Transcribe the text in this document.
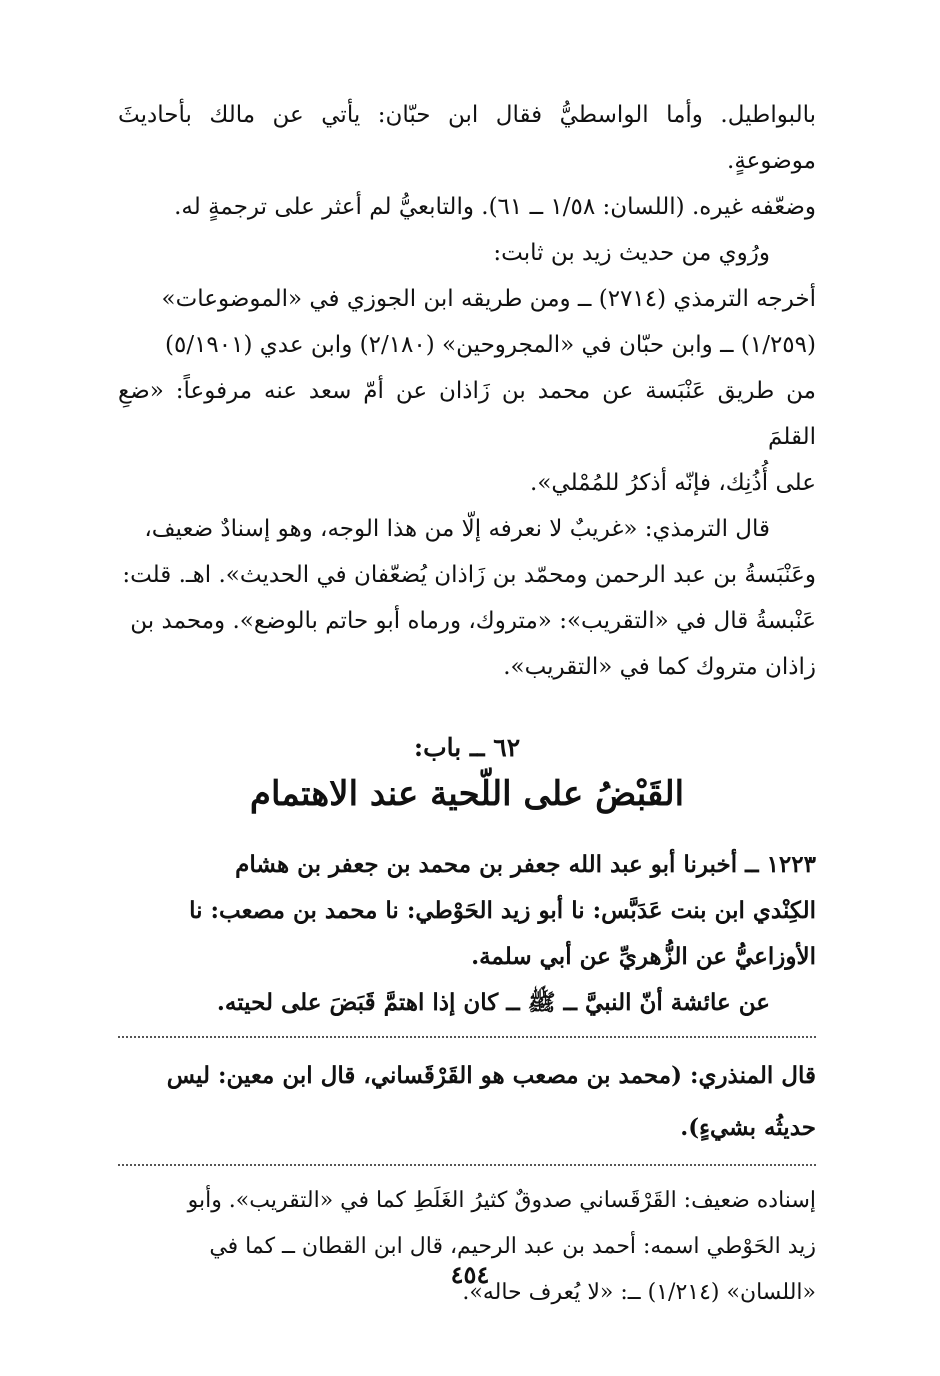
بالبواطيل. وأما الواسطيُّ فقال ابن حبّان: يأتي عن مالك بأحاديثَ موضوعةٍ.

وضعّفه غيره. (اللسان: ١/٥٨ ــ ٦١). والتابعيُّ لم أعثر على ترجمةٍ له.

ورُوي من حديث زيد بن ثابت:

أخرجه الترمذي (٢٧١٤) ــ ومن طريقه ابن الجوزي في «الموضوعات»

(١/٢٥٩) ــ وابن حبّان في «المجروحين» (٢/١٨٠) وابن عدي (٥/١٩٠١)

من طريق عَنْبَسة عن محمد بن زَاذان عن أمّ سعد عنه مرفوعاً: «ضعِ القلمَ

على أُذُنِك، فإنّه أذكرُ للمُمْلي».

قال الترمذي: «غريبٌ لا نعرفه إلّا من هذا الوجه، وهو إسنادٌ ضعيف،

وعَنْبَسةُ بن عبد الرحمن ومحمّد بن زَاذان يُضعّفان في الحديث». اهـ. قلت:

عَنْبسةُ قال في «التقريب»: «متروك، ورماه أبو حاتم بالوضع». ومحمد بن

زاذان متروك كما في «التقريب».

٦٢ ــ باب:
القَبْضُ على اللّحية عند الاهتمام

١٢٢٣ ــ أخبرنا أبو عبد الله جعفر بن محمد بن جعفر بن هشام

الكِنْدي ابن بنت عَدَبَّس: نا أبو زيد الحَوْطي: نا محمد بن مصعب: نا

الأوزاعيُّ عن الزُّهريِّ عن أبي سلمة.

عن عائشة أنّ النبيَّ ــ ﷺ ــ كان إذا اهتمَّ قَبَضَ على لحيته.

قال المنذري: (محمد بن مصعب هو القَرْقَساني، قال ابن معين: ليس

حديثُه بشيءٍ).

إسناده ضعيف: القَرْقَساني صدوقٌ كثيرُ الغَلَطِ كما في «التقريب». وأبو

زيد الحَوْطي اسمه: أحمد بن عبد الرحيم، قال ابن القطان ــ كما في

«اللسان» (١/٢١٤) ــ: «لا يُعرف حاله».

٤٥٤
